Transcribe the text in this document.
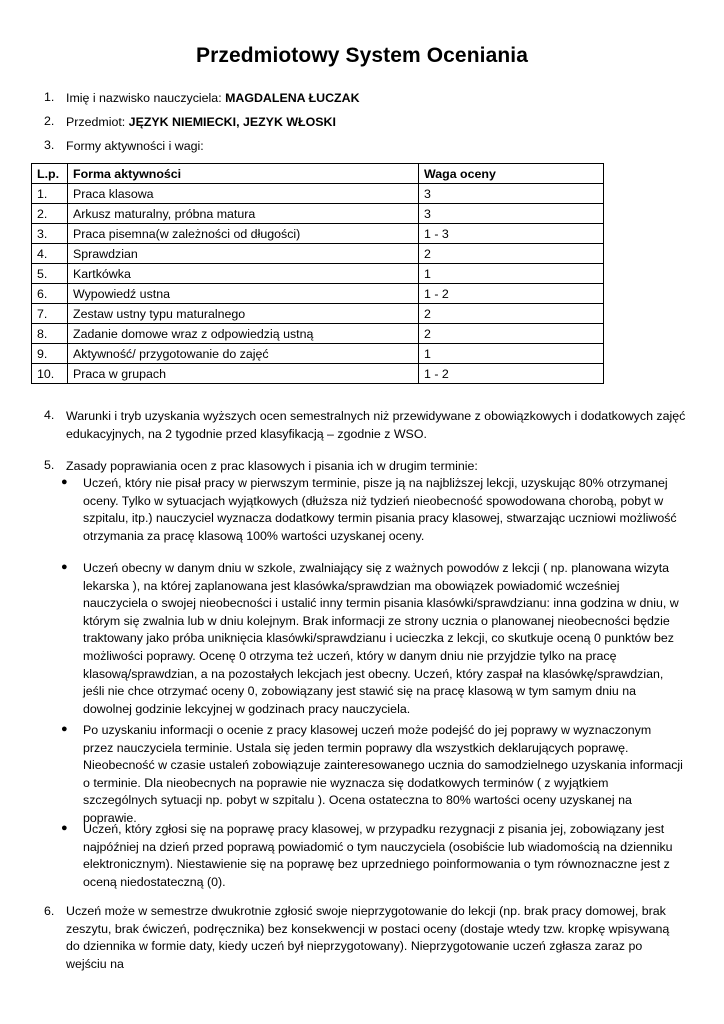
Przedmiotowy System Oceniania
1. Imię i nazwisko nauczyciela: MAGDALENA ŁUCZAK
2. Przedmiot: JĘZYK NIEMIECKI, JEZYK WŁOSKI
3. Formy aktywności i wagi:
L.p.	Forma aktywności	Waga oceny
1.	Praca klasowa	3
2.	Arkusz maturalny, próbna matura	3
3.	Praca pisemna(w zależności od długości)	1 - 3
4.	Sprawdzian	2
5.	Kartkówka	1
6.	Wypowiedź ustna	1 - 2
7.	Zestaw ustny typu maturalnego	2
8.	Zadanie domowe wraz z odpowiedzią ustną	2
9.	Aktywność/ przygotowanie do zajęć	1
10.	Praca w grupach	1 - 2
4. Warunki i tryb uzyskania wyższych ocen semestralnych niż przewidywane z obowiązkowych i dodatkowych zajęć
edukacyjnych, na 2 tygodnie przed klasyfikacją – zgodnie z WSO.
5. Zasady poprawiania ocen z prac klasowych i pisania ich w drugim terminie:
● Uczeń, który nie pisał pracy w pierwszym terminie, pisze ją na najbliższej lekcji, uzyskując 80% otrzymanej oceny. Tylko w sytuacjach wyjątkowych (dłuższa niż tydzień nieobecność spowodowana chorobą, pobyt w szpitalu, itp.) nauczyciel wyznacza dodatkowy termin pisania pracy klasowej, stwarzając uczniowi możliwość otrzymania za pracę klasową 100% wartości uzyskanej oceny.
● Uczeń obecny w danym dniu w szkole, zwalniający się z ważnych powodów z lekcji ( np. planowana wizyta lekarska ), na której zaplanowana jest klasówka/sprawdzian ma obowiązek powiadomić wcześniej nauczyciela o swojej nieobecności i ustalić inny termin pisania klasówki/sprawdzianu: inna godzina w dniu, w którym się zwalnia lub w dniu kolejnym. Brak informacji ze strony ucznia o planowanej nieobecności będzie traktowany jako próba uniknięcia klasówki/sprawdzianu i ucieczka z lekcji, co skutkuje oceną 0 punktów bez możliwości poprawy. Ocenę 0 otrzyma też uczeń, który w danym dniu nie przyjdzie tylko na pracę klasową/sprawdzian, a na pozostałych lekcjach jest obecny. Uczeń, który zaspał na klasówkę/sprawdzian, jeśli nie chce otrzymać oceny 0, zobowiązany jest stawić się na pracę klasową w tym samym dniu na dowolnej godzinie lekcyjnej w godzinach pracy nauczyciela.
● Po uzyskaniu informacji o ocenie z pracy klasowej uczeń może podejść do jej poprawy w wyznaczonym przez nauczyciela terminie. Ustala się jeden termin poprawy dla wszystkich deklarujących poprawę. Nieobecność w czasie ustaleń zobowiązuje zainteresowanego ucznia do samodzielnego uzyskania informacji o terminie. Dla nieobecnych na poprawie nie wyznacza się dodatkowych terminów ( z wyjątkiem szczególnych sytuacji np. pobyt w szpitalu ). Ocena ostateczna to 80% wartości oceny uzyskanej na poprawie.
● Uczeń, który zgłosi się na poprawę pracy klasowej, w przypadku rezygnacji z pisania jej, zobowiązany jest najpóźniej na dzień przed poprawą powiadomić o tym nauczyciela (osobiście lub wiadomością na dzienniku elektronicznym). Niestawienie się na poprawę bez uprzedniego poinformowania o tym równoznaczne jest z oceną niedostateczną (0).
6. Uczeń może w semestrze dwukrotnie zgłosić swoje nieprzygotowanie do lekcji (np. brak pracy domowej, brak zeszytu, brak ćwiczeń, podręcznika) bez konsekwencji w postaci oceny (dostaje wtedy tzw. kropkę wpisywaną do dziennika w formie daty, kiedy uczeń był nieprzygotowany). Nieprzygotowanie uczeń zgłasza zaraz po wejściu na
